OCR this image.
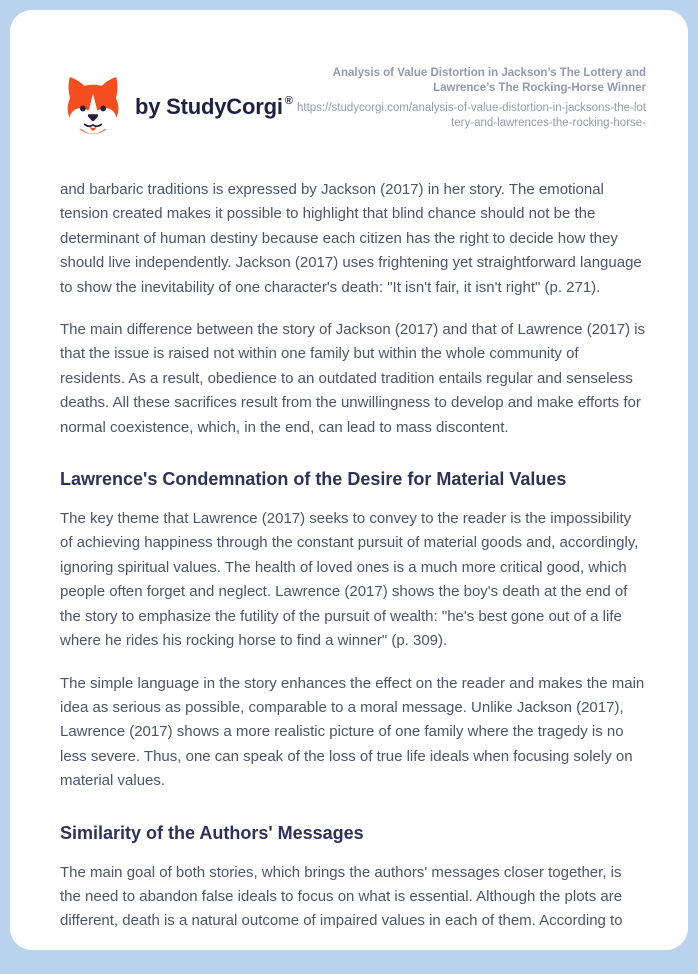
by StudyCorgi ®
Analysis of Value Distortion in Jackson’s The Lottery and Lawrence’s The Rocking-Horse Winner
https://studycorgi.com/analysis-of-value-distortion-in-jacksons-the-lottery-and-lawrences-the-rocking-horse-

and barbaric traditions is expressed by Jackson (2017) in her story. The emotional tension created makes it possible to highlight that blind chance should not be the determinant of human destiny because each citizen has the right to decide how they should live independently. Jackson (2017) uses frightening yet straightforward language to show the inevitability of one character's death: "It isn't fair, it isn't right" (p. 271).

The main difference between the story of Jackson (2017) and that of Lawrence (2017) is that the issue is raised not within one family but within the whole community of residents. As a result, obedience to an outdated tradition entails regular and senseless deaths. All these sacrifices result from the unwillingness to develop and make efforts for normal coexistence, which, in the end, can lead to mass discontent.

Lawrence's Condemnation of the Desire for Material Values

The key theme that Lawrence (2017) seeks to convey to the reader is the impossibility of achieving happiness through the constant pursuit of material goods and, accordingly, ignoring spiritual values. The health of loved ones is a much more critical good, which people often forget and neglect. Lawrence (2017) shows the boy's death at the end of the story to emphasize the futility of the pursuit of wealth: "he's best gone out of a life where he rides his rocking horse to find a winner" (p. 309).

The simple language in the story enhances the effect on the reader and makes the main idea as serious as possible, comparable to a moral message. Unlike Jackson (2017), Lawrence (2017) shows a more realistic picture of one family where the tragedy is no less severe. Thus, one can speak of the loss of true life ideals when focusing solely on material values.

Similarity of the Authors' Messages

The main goal of both stories, which brings the authors' messages closer together, is the need to abandon false ideals to focus on what is essential. Although the plots are different, death is a natural outcome of impaired values in each of them. According to
